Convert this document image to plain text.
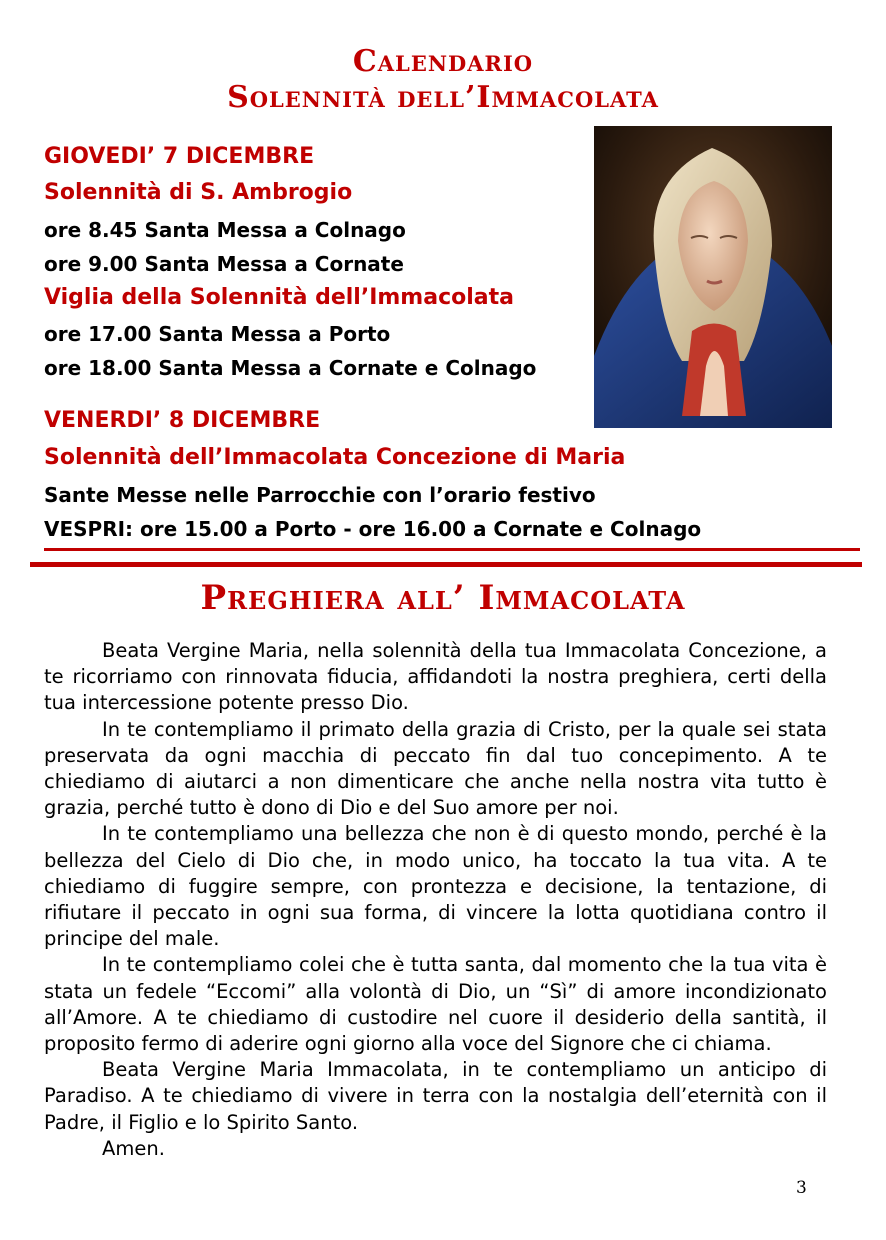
Calendario
Solennità dell’Immacolata

GIOVEDI’ 7 DICEMBRE

Solennità di S. Ambrogio

ore 8.45 Santa Messa a Colnago

ore 9.00 Santa Messa a Cornate

Viglia della Solennità dell’Immacolata

ore 17.00 Santa Messa a Porto

ore 18.00 Santa Messa a Cornate e Colnago

VENERDI’ 8 DICEMBRE

Solennità dell’Immacolata Concezione di Maria

Sante Messe nelle Parrocchie con l’orario festivo

VESPRI: ore 15.00 a Porto - ore 16.00 a Cornate e Colnago

Preghiera all’ Immacolata

Beata Vergine Maria, nella solennità della tua Immacolata Concezione, a te ricorriamo con rinnovata fiducia, affidandoti la nostra preghiera, certi della tua intercessione potente presso Dio.

In te contempliamo il primato della grazia di Cristo, per la quale sei stata preservata da ogni macchia di peccato fin dal tuo concepimento. A te chiediamo di aiutarci a non dimenticare che anche nella nostra vita tutto è grazia, perché tutto è dono di Dio e del Suo amore per noi.

In te contempliamo una bellezza che non è di questo mondo, perché è la bellezza del Cielo di Dio che, in modo unico, ha toccato la tua vita. A te chiediamo di fuggire sempre, con prontezza e decisione, la tentazione, di rifiutare il peccato in ogni sua forma, di vincere la lotta quotidiana contro il principe del male.

In te contempliamo colei che è tutta santa, dal momento che la tua vita è stata un fedele “Eccomi” alla volontà di Dio, un “Sì” di amore incondizionato all’Amore. A te chiediamo di custodire nel cuore il desiderio della santità, il proposito fermo di aderire ogni giorno alla voce del Signore che ci chiama.

Beata Vergine Maria Immacolata, in te contempliamo un anticipo di Paradiso. A te chiediamo di vivere in terra con la nostalgia dell’eternità con il Padre, il Figlio e lo Spirito Santo.

Amen.

3
